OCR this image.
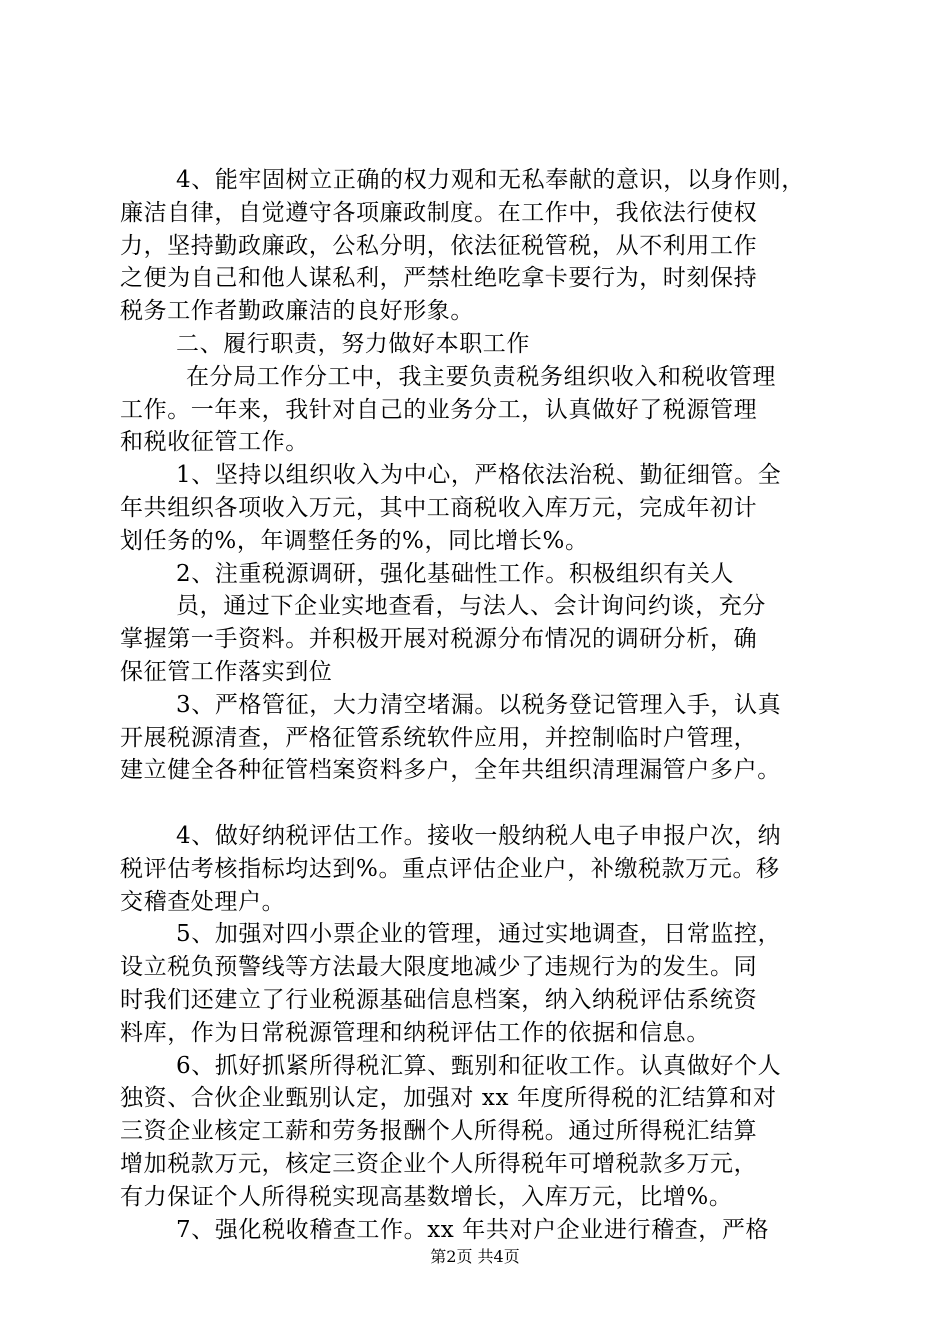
4、能牢固树立正确的权力观和无私奉献的意识，以身作则，
廉洁自律，自觉遵守各项廉政制度。在工作中，我依法行使权
力，坚持勤政廉政，公私分明，依法征税管税，从不利用工作
之便为自己和他人谋私利，严禁杜绝吃拿卡要行为，时刻保持
税务工作者勤政廉洁的良好形象。
二、履行职责，努力做好本职工作
在分局工作分工中，我主要负责税务组织收入和税收管理
工作。一年来，我针对自己的业务分工，认真做好了税源管理
和税收征管工作。
1、坚持以组织收入为中心，严格依法治税、勤征细管。全
年共组织各项收入万元，其中工商税收入库万元，完成年初计
划任务的%，年调整任务的%，同比增长%。
2、注重税源调研，强化基础性工作。积极组织有关人
员，通过下企业实地查看，与法人、会计询问约谈，充分
掌握第一手资料。并积极开展对税源分布情况的调研分析，确
保征管工作落实到位
3、严格管征，大力清空堵漏。以税务登记管理入手，认真
开展税源清查，严格征管系统软件应用，并控制临时户管理，
建立健全各种征管档案资料多户，全年共组织清理漏管户多户。
4、做好纳税评估工作。接收一般纳税人电子申报户次，纳
税评估考核指标均达到%。重点评估企业户，补缴税款万元。移
交稽查处理户。
5、加强对四小票企业的管理，通过实地调查，日常监控，
设立税负预警线等方法最大限度地减少了违规行为的发生。同
时我们还建立了行业税源基础信息档案，纳入纳税评估系统资
料库，作为日常税源管理和纳税评估工作的依据和信息。
6、抓好抓紧所得税汇算、甄别和征收工作。认真做好个人
独资、合伙企业甄别认定，加强对 xx 年度所得税的汇结算和对
三资企业核定工薪和劳务报酬个人所得税。通过所得税汇结算
增加税款万元，核定三资企业个人所得税年可增税款多万元，
第2页 共4页
有力保证个人所得税实现高基数增长，入库万元，比增%。
7、强化税收稽查工作。xx 年共对户企业进行稽查，严格
